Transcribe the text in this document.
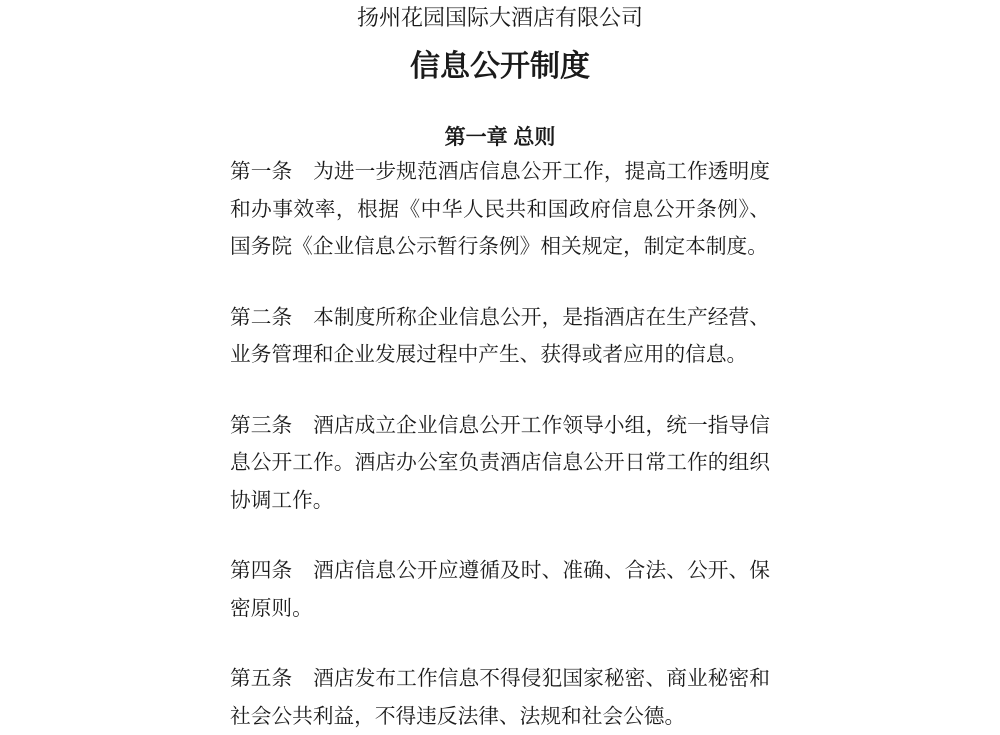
扬州花园国际大酒店有限公司
信息公开制度
第一章 总则

第一条　为进一步规范酒店信息公开工作，提高工作透明度和办事效率，根据《中华人民共和国政府信息公开条例》、国务院《企业信息公示暂行条例》相关规定，制定本制度。

第二条　本制度所称企业信息公开，是指酒店在生产经营、业务管理和企业发展过程中产生、获得或者应用的信息。

第三条　酒店成立企业信息公开工作领导小组，统一指导信息公开工作。酒店办公室负责酒店信息公开日常工作的组织协调工作。

第四条　酒店信息公开应遵循及时、准确、合法、公开、保密原则。

第五条　酒店发布工作信息不得侵犯国家秘密、商业秘密和社会公共利益，不得违反法律、法规和社会公德。
